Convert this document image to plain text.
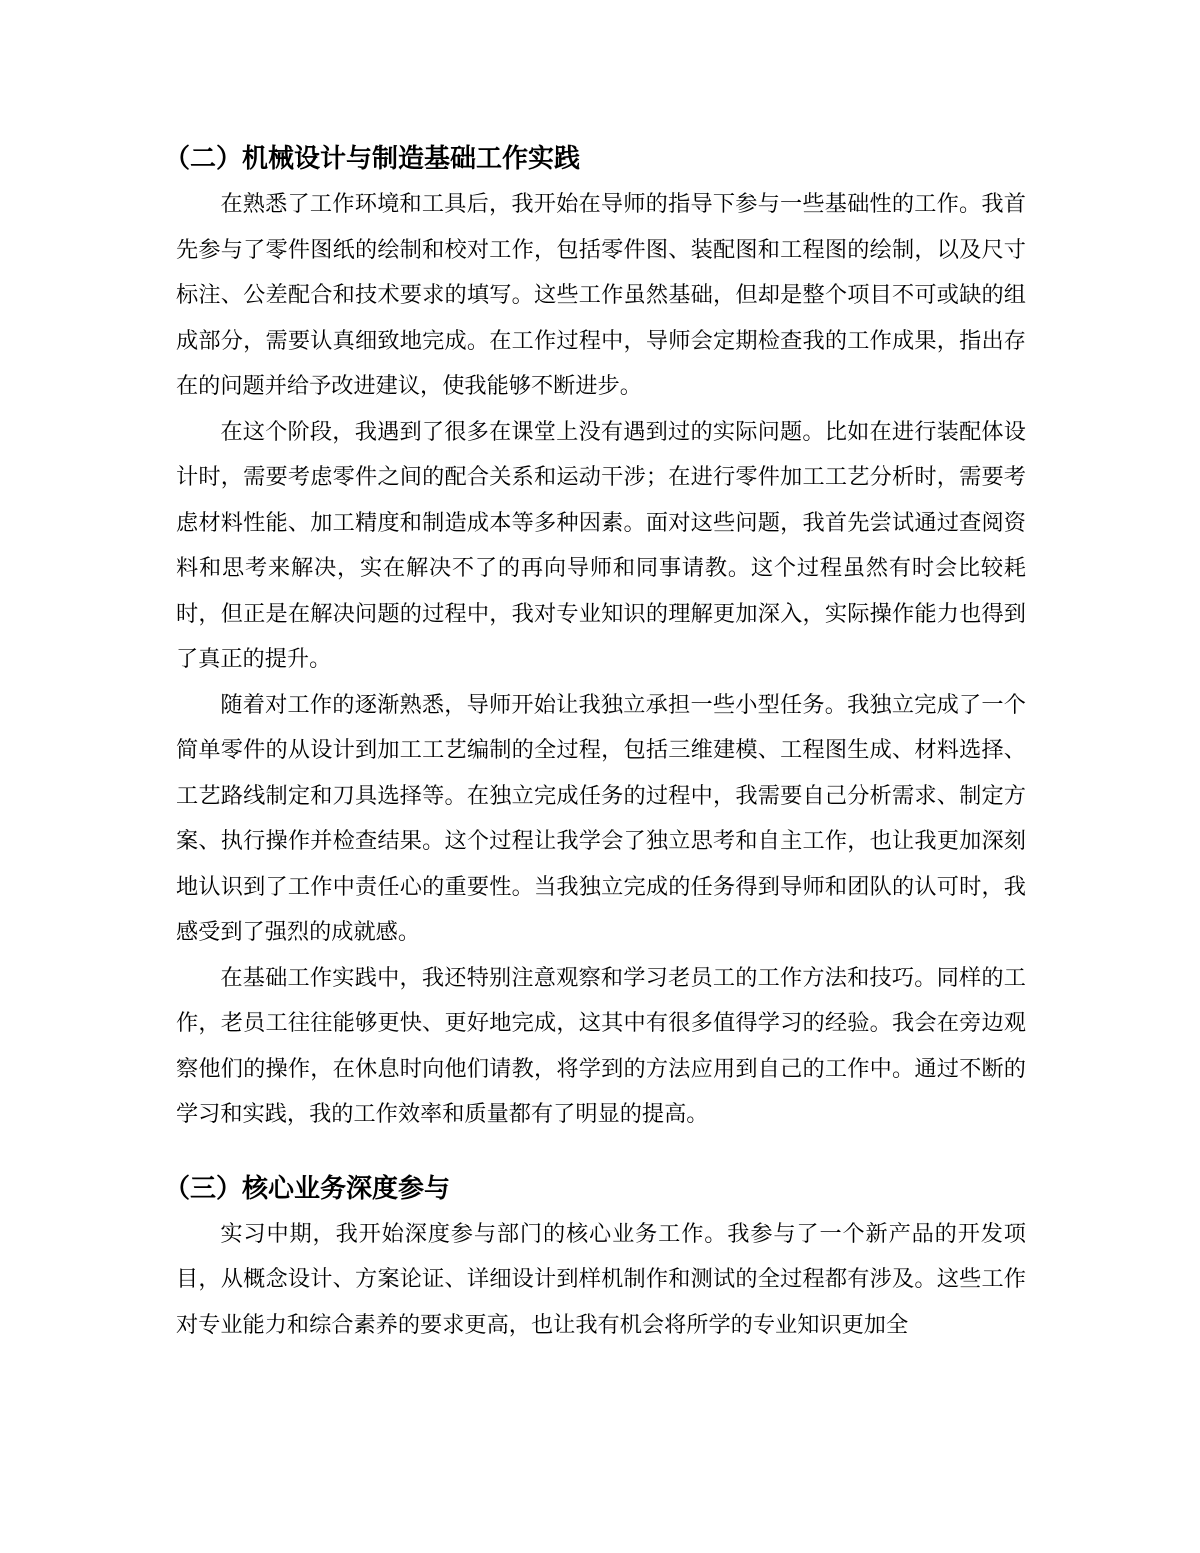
（二）机械设计与制造基础工作实践

在熟悉了工作环境和工具后，我开始在导师的指导下参与一些基础性的工作。我首先参与了零件图纸的绘制和校对工作，包括零件图、装配图和工程图的绘制，以及尺寸标注、公差配合和技术要求的填写。这些工作虽然基础，但却是整个项目不可或缺的组成部分，需要认真细致地完成。在工作过程中，导师会定期检查我的工作成果，指出存在的问题并给予改进建议，使我能够不断进步。

在这个阶段，我遇到了很多在课堂上没有遇到过的实际问题。比如在进行装配体设计时，需要考虑零件之间的配合关系和运动干涉；在进行零件加工工艺分析时，需要考虑材料性能、加工精度和制造成本等多种因素。面对这些问题，我首先尝试通过查阅资料和思考来解决，实在解决不了的再向导师和同事请教。这个过程虽然有时会比较耗时，但正是在解决问题的过程中，我对专业知识的理解更加深入，实际操作能力也得到了真正的提升。

随着对工作的逐渐熟悉，导师开始让我独立承担一些小型任务。我独立完成了一个简单零件的从设计到加工工艺编制的全过程，包括三维建模、工程图生成、材料选择、工艺路线制定和刀具选择等。在独立完成任务的过程中，我需要自己分析需求、制定方案、执行操作并检查结果。这个过程让我学会了独立思考和自主工作，也让我更加深刻地认识到了工作中责任心的重要性。当我独立完成的任务得到导师和团队的认可时，我感受到了强烈的成就感。

在基础工作实践中，我还特别注意观察和学习老员工的工作方法和技巧。同样的工作，老员工往往能够更快、更好地完成，这其中有很多值得学习的经验。我会在旁边观察他们的操作，在休息时向他们请教，将学到的方法应用到自己的工作中。通过不断的学习和实践，我的工作效率和质量都有了明显的提高。

（三）核心业务深度参与

实习中期，我开始深度参与部门的核心业务工作。我参与了一个新产品的开发项目，从概念设计、方案论证、详细设计到样机制作和测试的全过程都有涉及。这些工作对专业能力和综合素养的要求更高，也让我有机会将所学的专业知识更加全
